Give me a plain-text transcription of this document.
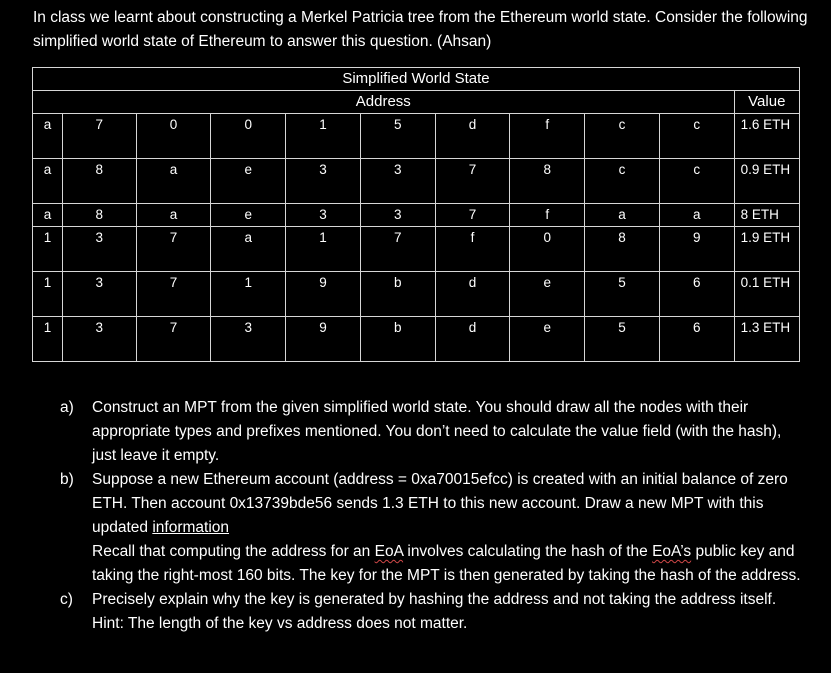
In class we learnt about constructing a Merkel Patricia tree from the Ethereum world state. Consider the following simplified world state of Ethereum to answer this question. (Ahsan)
Simplified World State										
Address										Value
a	7	0	0	1	5	d	f	c	c	1.6 ETH
a	8	a	e	3	3	7	8	c	c	0.9 ETH
a	8	a	e	3	3	7	f	a	a	8 ETH
1	3	7	a	1	7	f	0	8	9	1.9 ETH
1	3	7	1	9	b	d	e	5	6	0.1 ETH
1	3	7	3	9	b	d	e	5	6	1.3 ETH
a)	Construct an MPT from the given simplified world state. You should draw all the nodes with their appropriate types and prefixes mentioned. You don’t need to calculate the value field (with the hash), just leave it empty.
b)	Suppose a new Ethereum account (address = 0xa70015efcc) is created with an initial balance of zero ETH. Then account 0x13739bde56 sends 1.3 ETH to this new account. Draw a new MPT with this updated information
Recall that computing the address for an EoA involves calculating the hash of the EoA’s public key and taking the right-most 160 bits. The key for the MPT is then generated by taking the hash of the address.
c)	Precisely explain why the key is generated by hashing the address and not taking the address itself. Hint: The length of the key vs address does not matter.
